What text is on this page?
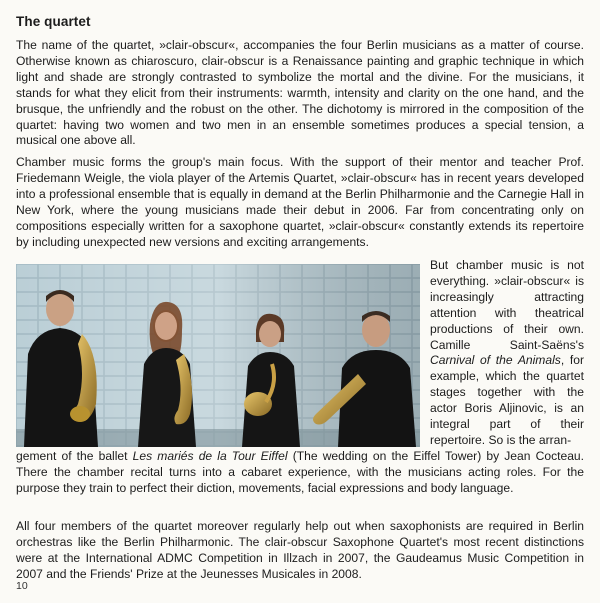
The quartet

The name of the quartet, »clair-obscur«, accompanies the four Berlin musicians as a matter of course. Otherwise known as chiaroscuro, clair-obscur is a Renaissance painting and graphic technique in which light and shade are strongly contrasted to symbolize the mortal and the divine. For the musicians, it stands for what they elicit from their instruments: warmth, intensity and clarity on the one hand, and the brusque, the unfriendly and the robust on the other. The dichotomy is mirrored in the composition of the quartet: having two women and two men in an ensemble sometimes produces a special tension, a musical one above all.

Chamber music forms the group's main focus. With the support of their mentor and teacher Prof. Friedemann Weigle, the viola player of the Artemis Quartet, »clair-obscur« has in recent years developed into a professional ensemble that is equally in demand at the Berlin Philharmonie and the Carnegie Hall in New York, where the young musicians made their debut in 2006. Far from concentrating only on compositions especially written for a saxophone quartet, »clair-obscur« constantly extends its repertoire by including unexpected new versions and exciting arrangements.

But chamber music is not everything. »clair-obscur« is increasingly attracting attention with theatrical productions of their own. Camille Saint-Saëns's Carnival of the Animals, for example, which the quartet stages together with the actor Boris Aljinovic, is an integral part of their repertoire. So is the arran-

gement of the ballet Les mariés de la Tour Eiffel (The wedding on the Eiffel Tower) by Jean Cocteau. There the chamber recital turns into a cabaret experience, with the musicians acting roles. For the purpose they train to perfect their diction, movements, facial expressions and body language.

All four members of the quartet moreover regularly help out when saxophonists are required in Berlin orchestras like the Berlin Philharmonic. The clair-obscur Saxophone Quartet's most recent distinctions were at the International ADMC Competition in Illzach in 2007, the Gaudeamus Music Competition in 2007 and the Friends' Prize at the Jeunesses Musicales in 2008.

10
